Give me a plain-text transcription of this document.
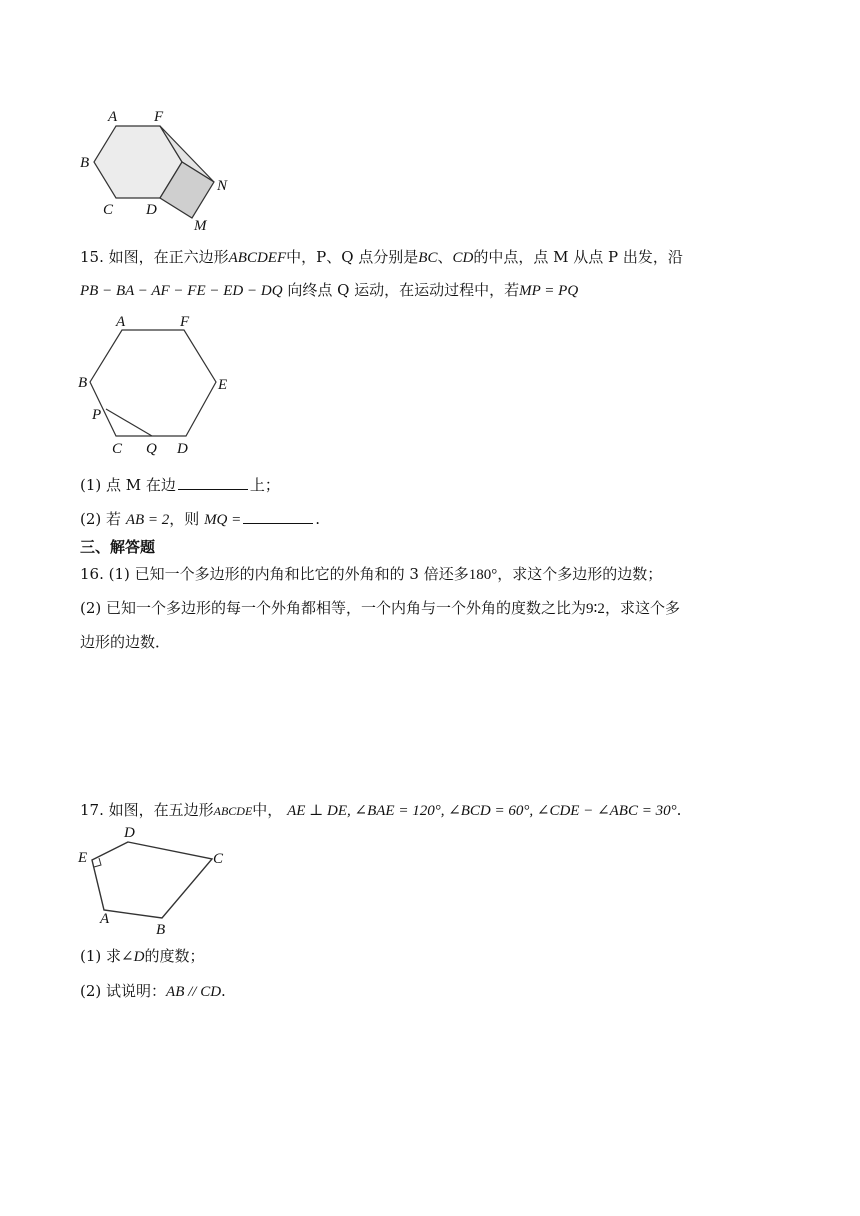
A F
B
N
C D
M
15. 如图，在正六边形ABCDEF中，P、Q 点分别是BC、CD的中点，点 M 从点 P 出发，沿
PB − BA − AF − FE − ED − DQ 向终点 Q 运动，在运动过程中，若MP = PQ
A	F
B	E
P
C Q D
(1) 点 M 在边	上；
(2) 若 AB = 2，则 MQ =	.
三、解答题
16. (1) 已知一个多边形的内角和比它的外角和的 3 倍还多180°，求这个多边形的边数；
(2) 已知一个多边形的每一个外角都相等，一个内角与一个外角的度数之比为9∶2，求这个多
边形的边数．
17. 如图，在五边形ABCDE中， AE ⊥ DE, ∠BAE = 120°, ∠BCD = 60°, ∠CDE − ∠ABC = 30°.
D
E	C
A
B
(1) 求∠D的度数；
(2) 试说明：AB // CD.
